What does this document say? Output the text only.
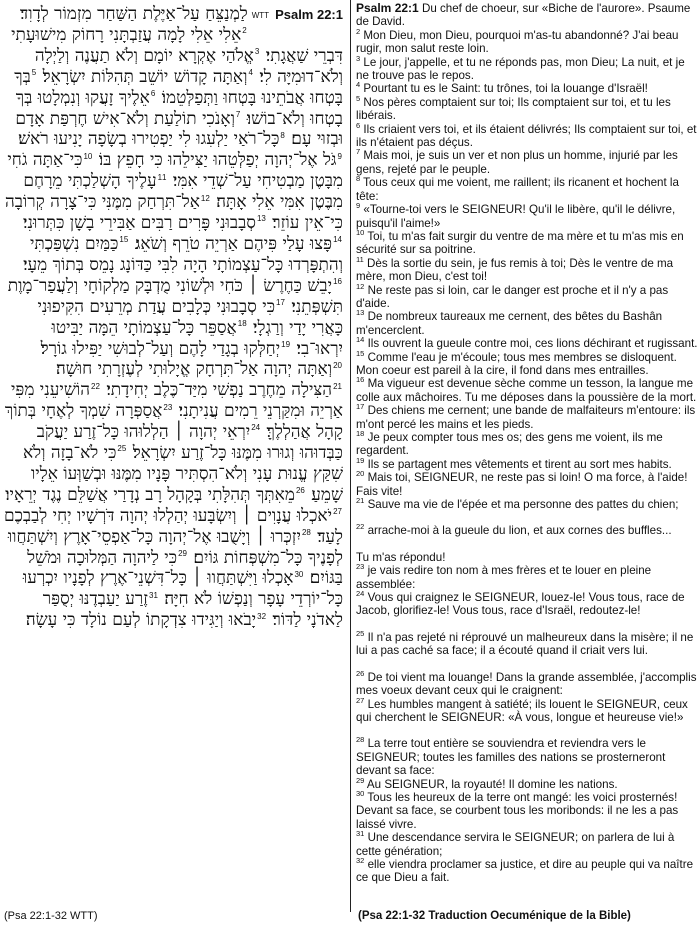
Psalm 22:1
WTT
לַמְנַצֵּחַ עַל־אַיֶּלֶת הַשַּׁחַר מִזְמוֹר לְדָוִד׃ $^2$אֵלִי אֵלִי לָמָה עֲזַבְתָּנִי רָחוֹק מִישׁוּעָתִי דִּבְרֵי שַׁאֲגָתִי׃ $^3$אֱלֹהַי אֶקְרָא יוֹמָם וְלֹא תַעֲנֶה וְלַיְלָה וְלֹא־דוּמִיָּה לִי׃ $^4$וְאַתָּה קָדוֹשׁ יוֹשֵׁב תְּהִלּוֹת יִשְׂרָאֵל׃ $^5$בְּךָ בָּטְחוּ אֲבֹתֵינוּ בָּטְחוּ וַתְּפַלְּטֵמוֹ׃ $^6$אֵלֶיךָ זָעֲקוּ וְנִמְלָטוּ בְּךָ בָטְחוּ וְלֹא־בוֹשׁוּ׃ $^7$וְאָנֹכִי תוֹלַעַת וְלֹא־אִישׁ חֶרְפַּת אָדָם וּבְזוּי עָם׃ $^8$כָּל־רֹאַי יַלְעִגוּ לִי יַפְטִירוּ בְשָׂפָה יָנִיעוּ רֹאשׁ׃ $^9$גֹּל אֶל־יְהוָה יְפַלְּטֵהוּ יַצִּילֵהוּ כִּי חָפֵץ בּוֹ׃ $^{10}$כִּי־אַתָּה גֹחִי מִבָּטֶן מַבְטִיחִי עַל־שְׁדֵי אִמִּי׃ $^{11}$עָלֶיךָ הָשְׁלַכְתִּי מֵרָחֶם מִבֶּטֶן אִמִּי אֵלִי אָתָּה׃ $^{12}$אַל־תִּרְחַק מִמֶּנִּי כִּי־צָרָה קְרוֹבָה כִּי־אֵין עוֹזֵר׃ $^{13}$סְבָבוּנִי פָּרִים רַבִּים אַבִּירֵי בָשָׁן כִּתְּרוּנִי׃ $^{14}$פָּצוּ עָלַי פִּיהֶם אַרְיֵה טֹרֵף וְשֹׁאֵג׃ $^{15}$כַּמַּיִם נִשְׁפַּכְתִּי וְהִתְפָּרְדוּ כָּל־עַצְמוֹתָי הָיָה לִבִּי כַּדּוֹנָג נָמֵס בְּתוֹךְ מֵעָי׃ $^{16}$יָבֵשׁ כַּחֶרֶשׂ ׀ כֹּחִי וּלְשׁוֹנִי מֻדְבָּק מַלְקוֹחָי וְלַעֲפַר־מָוֶת תִּשְׁפְּתֵנִי׃ $^{17}$כִּי סְבָבוּנִי כְּלָבִים עֲדַת מְרֵעִים הִקִּיפוּנִי כָּאֲרִי יָדַי וְרַגְלָי׃ $^{18}$אֲסַפֵּר כָּל־עַצְמוֹתָי הֵמָּה יַבִּיטוּ יִרְאוּ־בִי׃ $^{19}$יְחַלְּקוּ בְגָדַי לָהֶם וְעַל־לְבוּשִׁי יַפִּילוּ גוֹרָל׃ $^{20}$וְאַתָּה יְהוָה אַל־תִּרְחָק אֱיָלוּתִי לְעֶזְרָתִי חוּשָׁה׃ $^{21}$הַצִּילָה מֵחֶרֶב נַפְשִׁי מִיַּד־כֶּלֶב יְחִידָתִי׃ $^{22}$הוֹשִׁיעֵנִי מִפִּי אַרְיֵה וּמִקַּרְנֵי רֵמִים עֲנִיתָנִי׃ $^{23}$אֲסַפְּרָה שִׁמְךָ לְאֶחָי בְּתוֹךְ קָהָל אֲהַלְלֶךָּ׃ $^{24}$יִרְאֵי יְהוָה ׀ הַלְלוּהוּ כָּל־זֶרַע יַעֲקֹב כַּבְּדוּהוּ וְגוּרוּ מִמֶּנּוּ כָּל־זֶרַע יִשְׂרָאֵל׃ $^{25}$כִּי לֹא־בָזָה וְלֹא שִׁקַּץ עֱנוּת עָנִי וְלֹא־הִסְתִּיר פָּנָיו מִמֶּנּוּ וּבְשַׁוְּעוֹ אֵלָיו שָׁמֵעַ׃ $^{26}$מֵאִתְּךָ תְּהִלָּתִי בְּקָהָל רָב נְדָרַי אֲשַׁלֵּם נֶגֶד יְרֵאָיו׃ $^{27}$יֹאכְלוּ עֲנָוִים ׀ וְיִשְׂבָּעוּ יְהַלְלוּ יְהוָה דֹּרְשָׁיו יְחִי לְבַבְכֶם לָעַד׃ $^{28}$יִזְכְּרוּ ׀ וְיָשֻׁבוּ אֶל־יְהוָה כָּל־אַפְסֵי־אָרֶץ וְיִשְׁתַּחֲווּ לְפָנֶיךָ כָּל־מִשְׁפְּחוֹת גּוֹיִם׃ $^{29}$כִּי לַיהוָה הַמְּלוּכָה וּמֹשֵׁל בַּגּוֹיִם׃ $^{30}$אָכְלוּ וַיִּשְׁתַּחֲווּ ׀ כָּל־דִּשְׁנֵי־אֶרֶץ לְפָנָיו יִכְרְעוּ כָּל־יוֹרְדֵי עָפָר וְנַפְשׁוֹ לֹא חִיָּה׃ $^{31}$זֶרַע יַעַבְדֶנּוּ יְסֻפַּר לַאדֹנָי לַדּוֹר׃ $^{32}$יָבֹאוּ וְיַגִּידוּ צִדְקָתוֹ לְעַם נוֹלָד כִּי עָשָׂה׃
(Psa 22:1-32 WTT)
Psalm 22:1 Du chef de choeur, sur «Biche de l'aurore». Psaume de David.
$^2$ Mon Dieu, mon Dieu, pourquoi m'as-tu abandonné? J'ai beau rugir, mon salut reste loin.
$^3$ Le jour, j'appelle, et tu ne réponds pas, mon Dieu; La nuit, et je ne trouve pas le repos.
$^4$ Pourtant tu es le Saint: tu trônes, toi la louange d'Israël!
$^5$ Nos pères comptaient sur toi; Ils comptaient sur toi, et tu les libérais.
$^6$ Ils criaient vers toi, et ils étaient délivrés; Ils comptaient sur toi, et ils n'étaient pas déçus.
$^7$ Mais moi, je suis un ver et non plus un homme, injurié par les gens, rejeté par le peuple.
$^8$ Tous ceux qui me voient, me raillent; ils ricanent et hochent la tête:
$^9$ «Tourne-toi vers le SEIGNEUR! Qu'il le libère, qu'il le délivre, puisqu'il l'aime!»
$^{10}$ Toi, tu m'as fait surgir du ventre de ma mère et tu m'as mis en sécurité sur sa poitrine.
$^{11}$ Dès la sortie du sein, je fus remis à toi; Dès le ventre de ma mère, mon Dieu, c'est toi!
$^{12}$ Ne reste pas si loin, car le danger est proche et il n'y a pas d'aide.
$^{13}$ De nombreux taureaux me cernent, des bêtes du Bashân m'encerclent.
$^{14}$ Ils ouvrent la gueule contre moi, ces lions déchirant et rugissant.
$^{15}$ Comme l'eau je m'écoule; tous mes membres se disloquent. Mon coeur est pareil à la cire, il fond dans mes entrailles.
$^{16}$ Ma vigueur est devenue sèche comme un tesson, la langue me colle aux mâchoires. Tu me déposes dans la poussière de la mort.
$^{17}$ Des chiens me cernent; une bande de malfaiteurs m'entoure: ils m'ont percé les mains et les pieds.
$^{18}$ Je peux compter tous mes os; des gens me voient, ils me regardent.
$^{19}$ Ils se partagent mes vêtements et tirent au sort mes habits.
$^{20}$ Mais toi, SEIGNEUR, ne reste pas si loin! O ma force, à l'aide! Fais vite!
$^{21}$ Sauve ma vie de l'épée et ma personne des pattes du chien;
$^{22}$ arrache-moi à la gueule du lion, et aux cornes des buffles...
Tu m'as répondu!
$^{23}$ je vais redire ton nom à mes frères et te louer en pleine assemblée:
$^{24}$ Vous qui craignez le SEIGNEUR, louez-le! Vous tous, race de Jacob, glorifiez-le! Vous tous, race d'Israël, redoutez-le!
$^{25}$ Il n'a pas rejeté ni réprouvé un malheureux dans la misère; il ne lui a pas caché sa face; il a écouté quand il criait vers lui.
$^{26}$ De toi vient ma louange! Dans la grande assemblée, j'accomplis mes voeux devant ceux qui le craignent:
$^{27}$ Les humbles mangent à satiété; ils louent le SEIGNEUR, ceux qui cherchent le SEIGNEUR: «À vous, longue et heureuse vie!»
$^{28}$ La terre tout entière se souviendra et reviendra vers le SEIGNEUR; toutes les familles des nations se prosterneront devant sa face:
$^{29}$ Au SEIGNEUR, la royauté! Il domine les nations.
$^{30}$ Tous les heureux de la terre ont mangé: les voici prosternés! Devant sa face, se courbent tous les moribonds: il ne les a pas laissé vivre.
$^{31}$ Une descendance servira le SEIGNEUR; on parlera de lui à cette génération;
$^{32}$ elle viendra proclamer sa justice, et dire au peuple qui va naître ce que Dieu a fait.
(Psa 22:1-32 Traduction Oecuménique de la Bible)
